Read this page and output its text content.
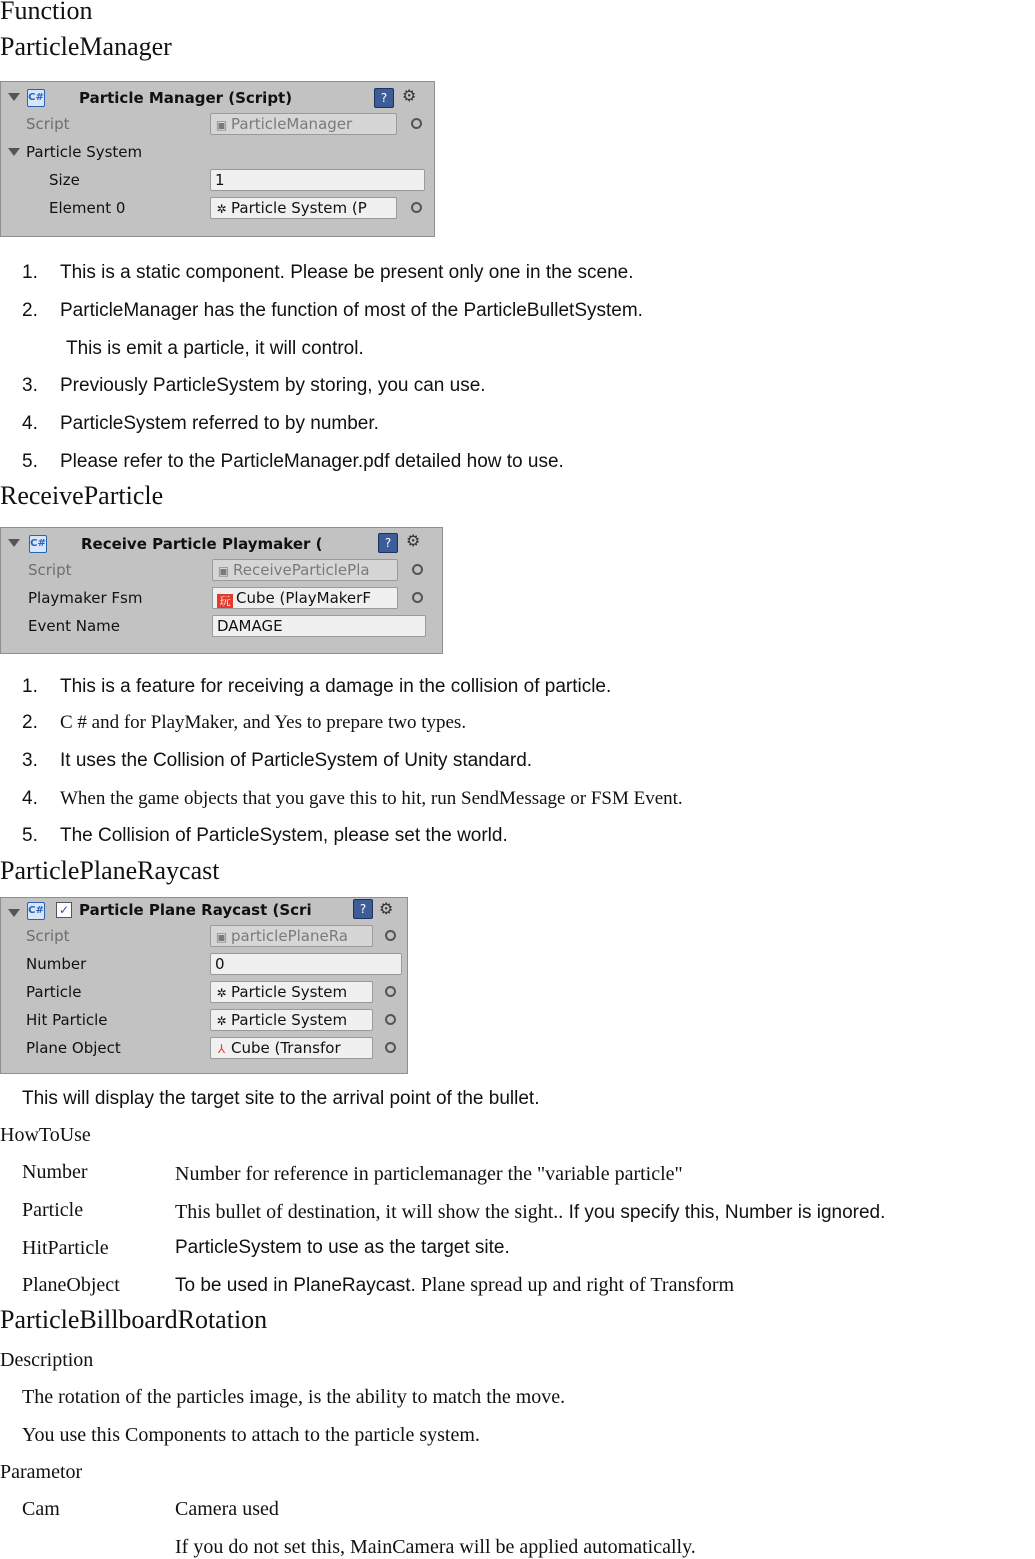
Function
ParticleManager
C# Particle Manager (Script)	? ⚙
Script	▣ ParticleManager
Particle System
Size	1
Element 0	✲ Particle System (P
1. This is a static component. Please be present only one in the scene.
2. ParticleManager has the function of most of the ParticleBulletSystem.
This is emit a particle, it will control.
3. Previously ParticleSystem by storing, you can use.
4. ParticleSystem referred to by number.
5. Please refer to the ParticleManager.pdf detailed how to use.
ReceiveParticle
C# Receive Particle Playmaker (	? ⚙
Script	▣ ReceiveParticlePla
Playmaker Fsm	玩 Cube (PlayMakerF
Event Name	DAMAGE
1. This is a feature for receiving a damage in the collision of particle.
2. C # and for PlayMaker, and Yes to prepare two types.
3. It uses the Collision of ParticleSystem of Unity standard.
4. When the game objects that you gave this to hit, run SendMessage or FSM Event.
5. The Collision of ParticleSystem, please set the world.
ParticlePlaneRaycast
C# ✓ Particle Plane Raycast (Scri	? ⚙
Script	▣ particlePlaneRa
Number	0
Particle	✲ Particle System
Hit Particle	✲ Particle System
Plane Object	⅄ Cube (Transfor
This will display the target site to the arrival point of the bullet.
HowToUse
Number	Number for reference in particlemanager the "variable particle"
Particle	This bullet of destination, it will show the sight.. If you specify this, Number is ignored.
HitParticle	ParticleSystem to use as the target site.
PlaneObject	To be used in PlaneRaycast. Plane spread up and right of Transform
ParticleBillboardRotation
Description
The rotation of the particles image, is the ability to match the move.
You use this Components to attach to the particle system.
Parametor
Cam	Camera used
If you do not set this, MainCamera will be applied automatically.
